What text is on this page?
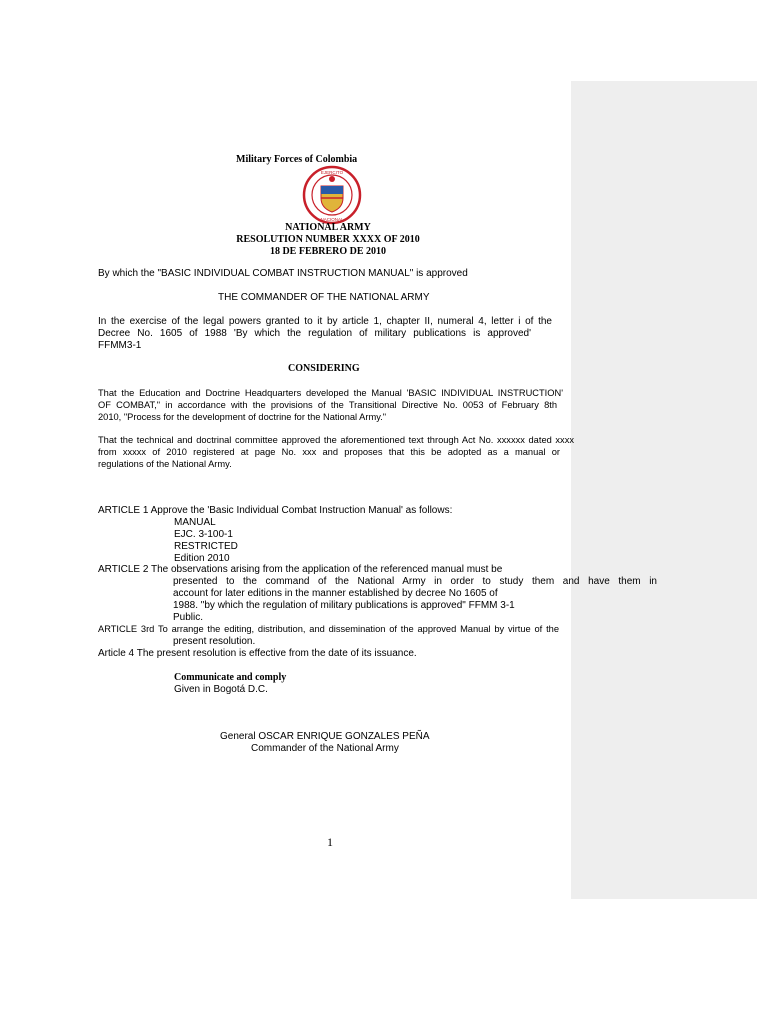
Military Forces of Colombia
EJERCITO
NACIONAL
NATIONAL ARMY
RESOLUTION NUMBER XXXX OF 2010
18 DE FEBRERO DE 2010
By which the "BASIC INDIVIDUAL COMBAT INSTRUCTION MANUAL" is approved
THE COMMANDER OF THE NATIONAL ARMY
In the exercise of the legal powers granted to it by article 1, chapter II, numeral 4, letter i of the
Decree No. 1605 of 1988 'By which the regulation of military publications is approved'
FFMM3-1
CONSIDERING
That the Education and Doctrine Headquarters developed the Manual 'BASIC INDIVIDUAL INSTRUCTION'
OF COMBAT," in accordance with the provisions of the Transitional Directive No. 0053 of February 8th
2010, "Process for the development of doctrine for the National Army."
That the technical and doctrinal committee approved the aforementioned text through Act No. xxxxxx dated xxxx
from xxxxx of 2010 registered at page No. xxx and proposes that this be adopted as a manual or
regulations of the National Army.
ARTICLE 1 Approve the 'Basic Individual Combat Instruction Manual' as follows:
MANUAL
EJC. 3-100-1
RESTRICTED
Edition 2010
ARTICLE 2 The observations arising from the application of the referenced manual must be
presented to the command of the National Army in order to study them and have them in
account for later editions in the manner established by decree No 1605 of
1988. "by which the regulation of military publications is approved" FFMM 3-1
Public.
ARTICLE 3rd To arrange the editing, distribution, and dissemination of the approved Manual by virtue of the
present resolution.
Article 4 The present resolution is effective from the date of its issuance.
Communicate and comply
Given in Bogotá D.C.
General OSCAR ENRIQUE GONZALES PEÑA
Commander of the National Army
1
